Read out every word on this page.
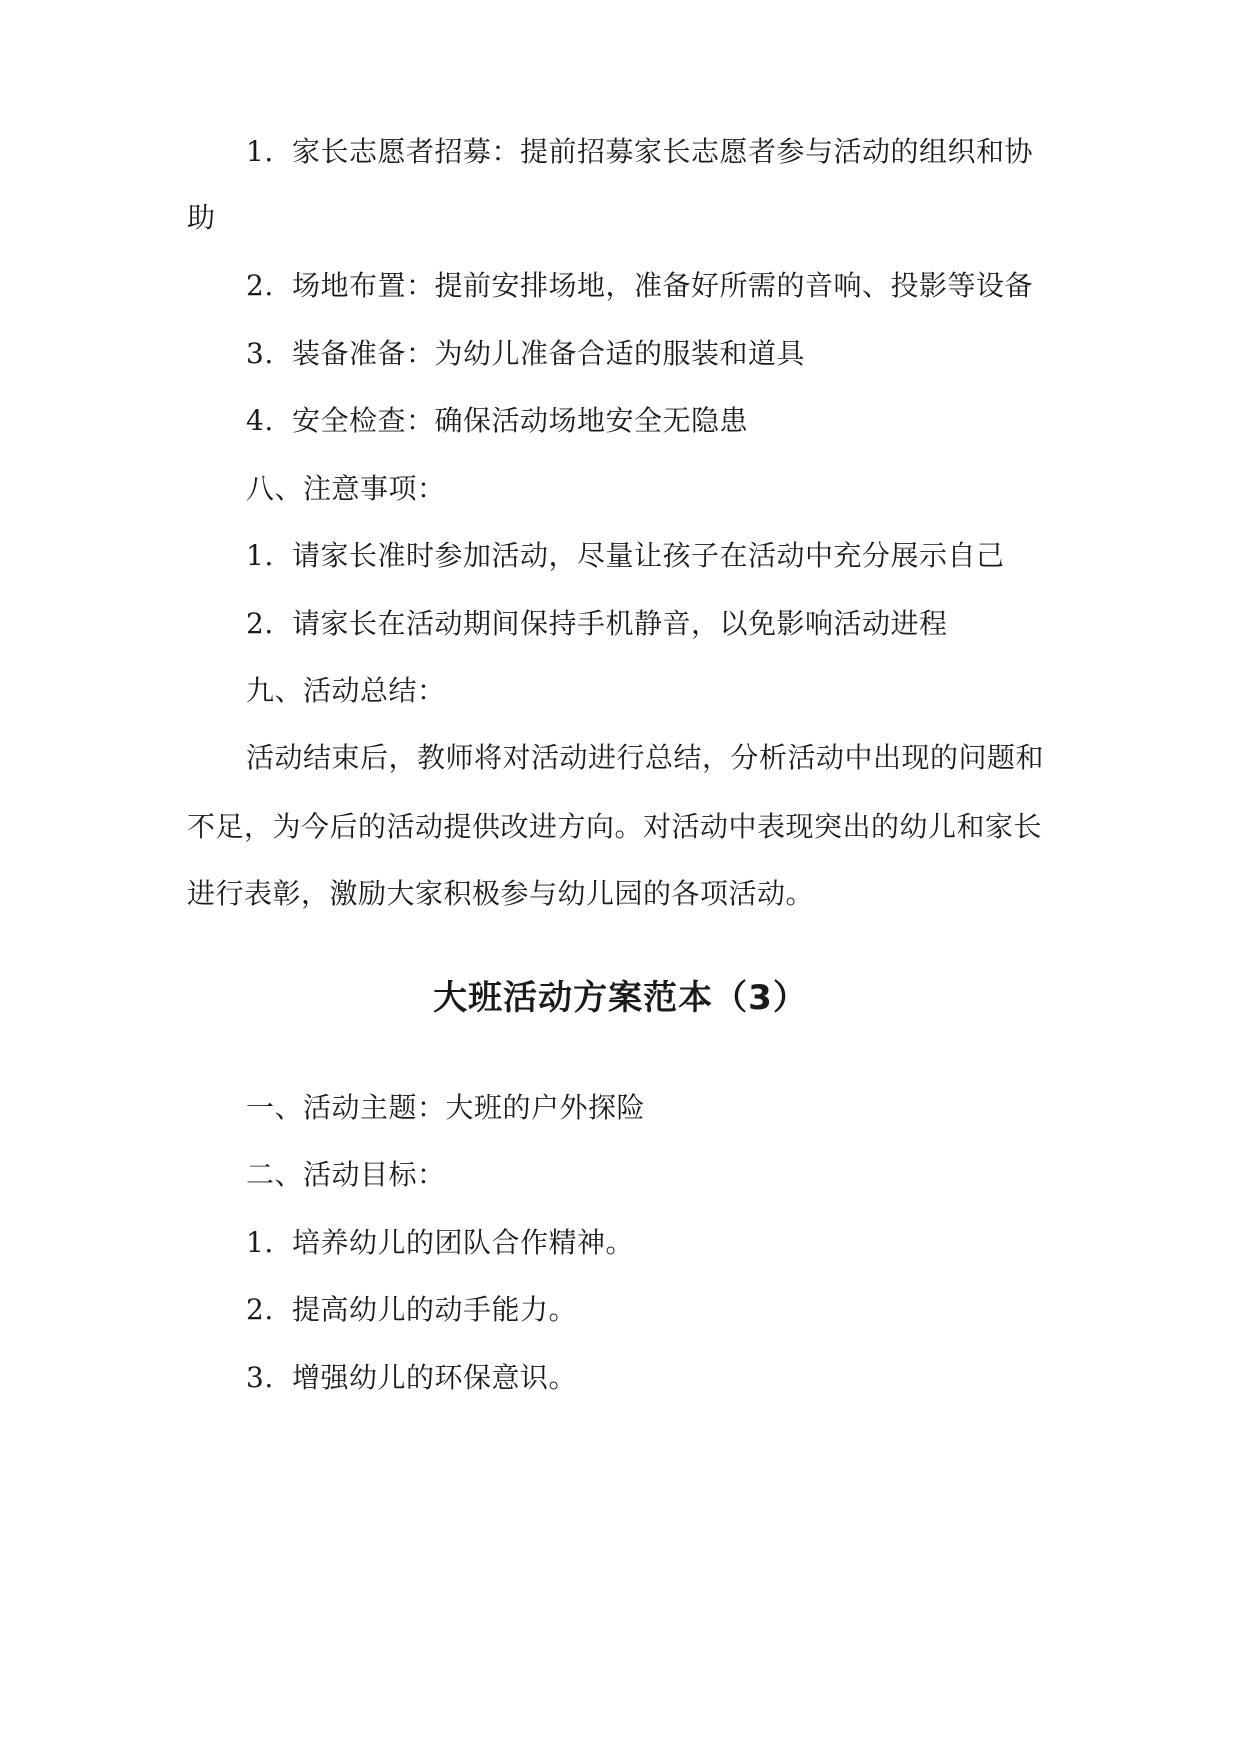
1. 家长志愿者招募：提前招募家长志愿者参与活动的组织和协
助
2. 场地布置：提前安排场地，准备好所需的音响、投影等设备
3. 装备准备：为幼儿准备合适的服装和道具
4. 安全检查：确保活动场地安全无隐患
八、注意事项：
1. 请家长准时参加活动，尽量让孩子在活动中充分展示自己
2. 请家长在活动期间保持手机静音，以免影响活动进程
九、活动总结：
活动结束后，教师将对活动进行总结，分析活动中出现的问题和
不足，为今后的活动提供改进方向。对活动中表现突出的幼儿和家长
进行表彰，激励大家积极参与幼儿园的各项活动。
大班活动方案范本（3）
一、活动主题：大班的户外探险
二、活动目标：
1. 培养幼儿的团队合作精神。
2. 提高幼儿的动手能力。
3. 增强幼儿的环保意识。
